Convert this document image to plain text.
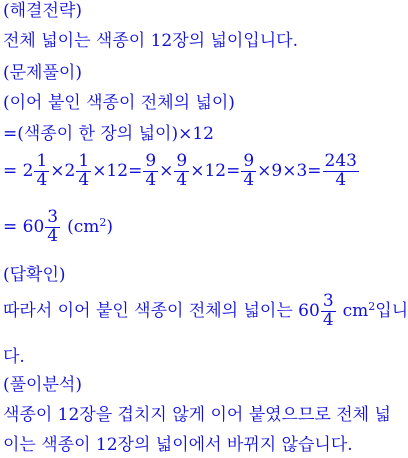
(해결전략)
전체 넓이는 색종이 12장의 넓이입니다.
(문제풀이)
(이어 붙인 색종이 전체의 넓이)
=(색종이 한 장의 넓이)×12
= $2 \frac{1}{4} \times 2 \frac{1}{4} \times 12= \frac{9}{4} \times \frac{9}{4} \times 12= \frac{9}{4} \times 9\times 3= \frac{243}{4}$
= $60 \frac{3}{4} (cm^2)$
(답확인)
따라서 이어 붙인 색종이 전체의 넓이는 $60 \frac{3}{4} cm^2$ 입니
다.
(풀이분석)
색종이 12장을 겹치지 않게 이어 붙였으므로 전체 넓
이는 색종이 12장의 넓이에서 바뀌지 않습니다.
